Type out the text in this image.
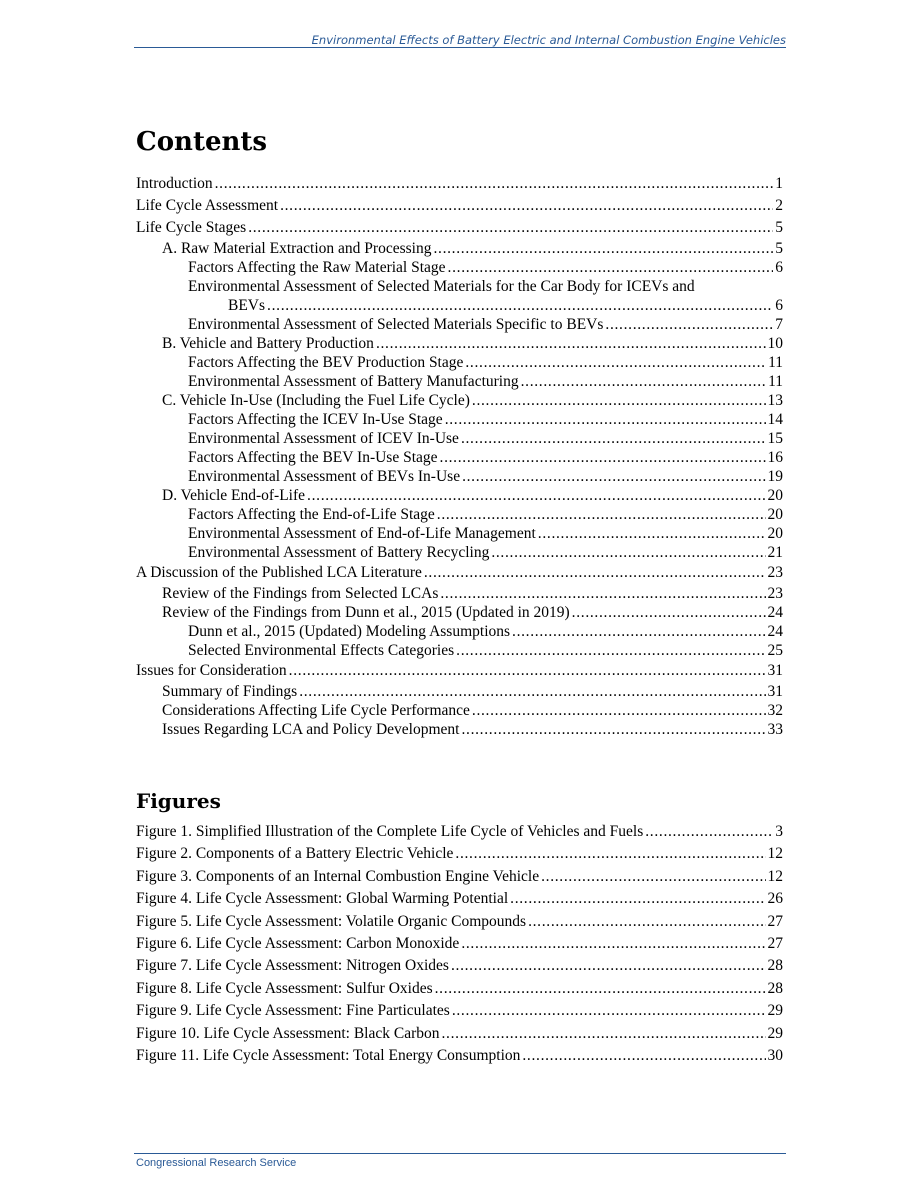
Environmental Effects of Battery Electric and Internal Combustion Engine Vehicles
Contents
Introduction . . .	1
Life Cycle Assessment . . .	2
Life Cycle Stages . . .	5
A. Raw Material Extraction and Processing . . .	5
Factors Affecting the Raw Material Stage . . .	6
Environmental Assessment of Selected Materials for the Car Body for ICEVs and
BEVs . . .	6
Environmental Assessment of Selected Materials Specific to BEVs . . .	7
B. Vehicle and Battery Production . . .	10
Factors Affecting the BEV Production Stage . . .	11
Environmental Assessment of Battery Manufacturing . . .	11
C. Vehicle In-Use (Including the Fuel Life Cycle) . . .	13
Factors Affecting the ICEV In-Use Stage . . .	14
Environmental Assessment of ICEV In-Use . . .	15
Factors Affecting the BEV In-Use Stage . . .	16
Environmental Assessment of BEVs In-Use . . .	19
D. Vehicle End-of-Life . . .	20
Factors Affecting the End-of-Life Stage . . .	20
Environmental Assessment of End-of-Life Management . . .	20
Environmental Assessment of Battery Recycling . . .	21
A Discussion of the Published LCA Literature . . .	23
Review of the Findings from Selected LCAs . . .	23
Review of the Findings from Dunn et al., 2015 (Updated in 2019) . . .	24
Dunn et al., 2015 (Updated) Modeling Assumptions . . .	24
Selected Environmental Effects Categories . . .	25
Issues for Consideration . . .	31
Summary of Findings . . .	31
Considerations Affecting Life Cycle Performance . . .	32
Issues Regarding LCA and Policy Development . . .	33
Figures
Figure 1. Simplified Illustration of the Complete Life Cycle of Vehicles and Fuels . . .	3
Figure 2. Components of a Battery Electric Vehicle . . .	12
Figure 3. Components of an Internal Combustion Engine Vehicle . . .	12
Figure 4. Life Cycle Assessment: Global Warming Potential . . .	26
Figure 5. Life Cycle Assessment: Volatile Organic Compounds . . .	27
Figure 6. Life Cycle Assessment: Carbon Monoxide . . .	27
Figure 7. Life Cycle Assessment: Nitrogen Oxides . . .	28
Figure 8. Life Cycle Assessment: Sulfur Oxides . . .	28
Figure 9. Life Cycle Assessment: Fine Particulates . . .	29
Figure 10. Life Cycle Assessment: Black Carbon . . .	29
Figure 11. Life Cycle Assessment: Total Energy Consumption . . .	30
Congressional Research Service
